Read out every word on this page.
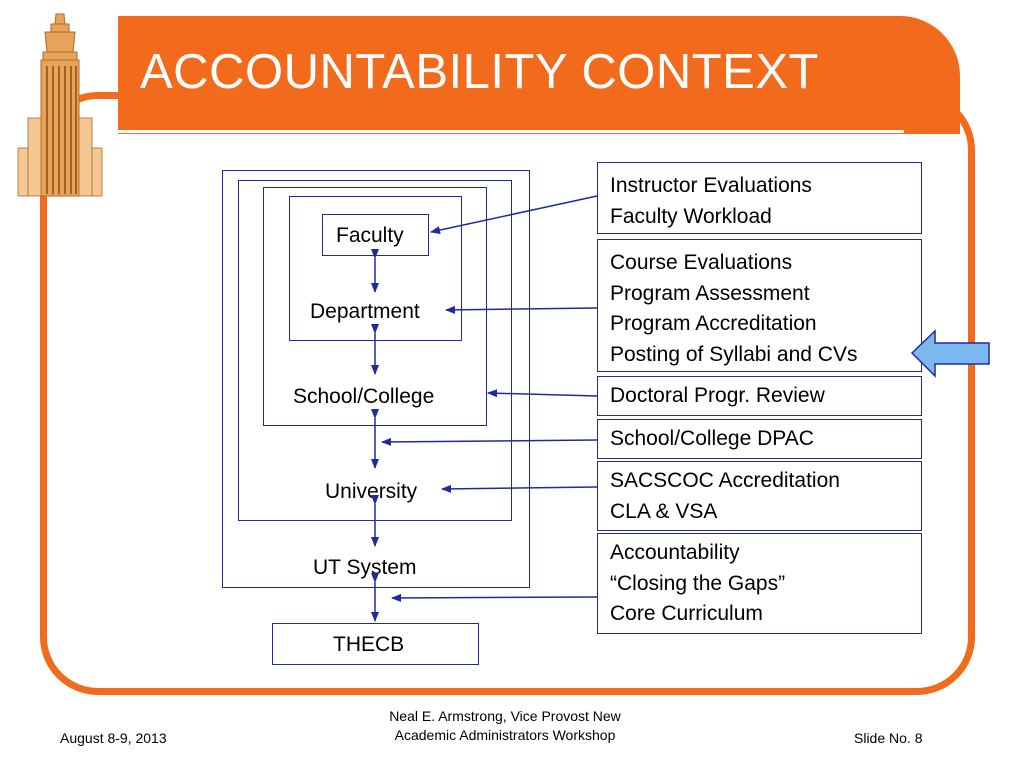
ACCOUNTABILITY CONTEXT
Faculty
Department
School/College
University
UT System
THECB
Instructor Evaluations
Faculty Workload
Course Evaluations
Program Assessment
Program Accreditation
Posting of Syllabi and CVs
Doctoral Progr. Review
School/College DPAC
SACSCOC Accreditation
CLA & VSA
Accountability
“Closing the Gaps”
Core Curriculum
August 8-9, 2013
Neal E. Armstrong, Vice Provost New
Academic Administrators Workshop	Slide No. 8
